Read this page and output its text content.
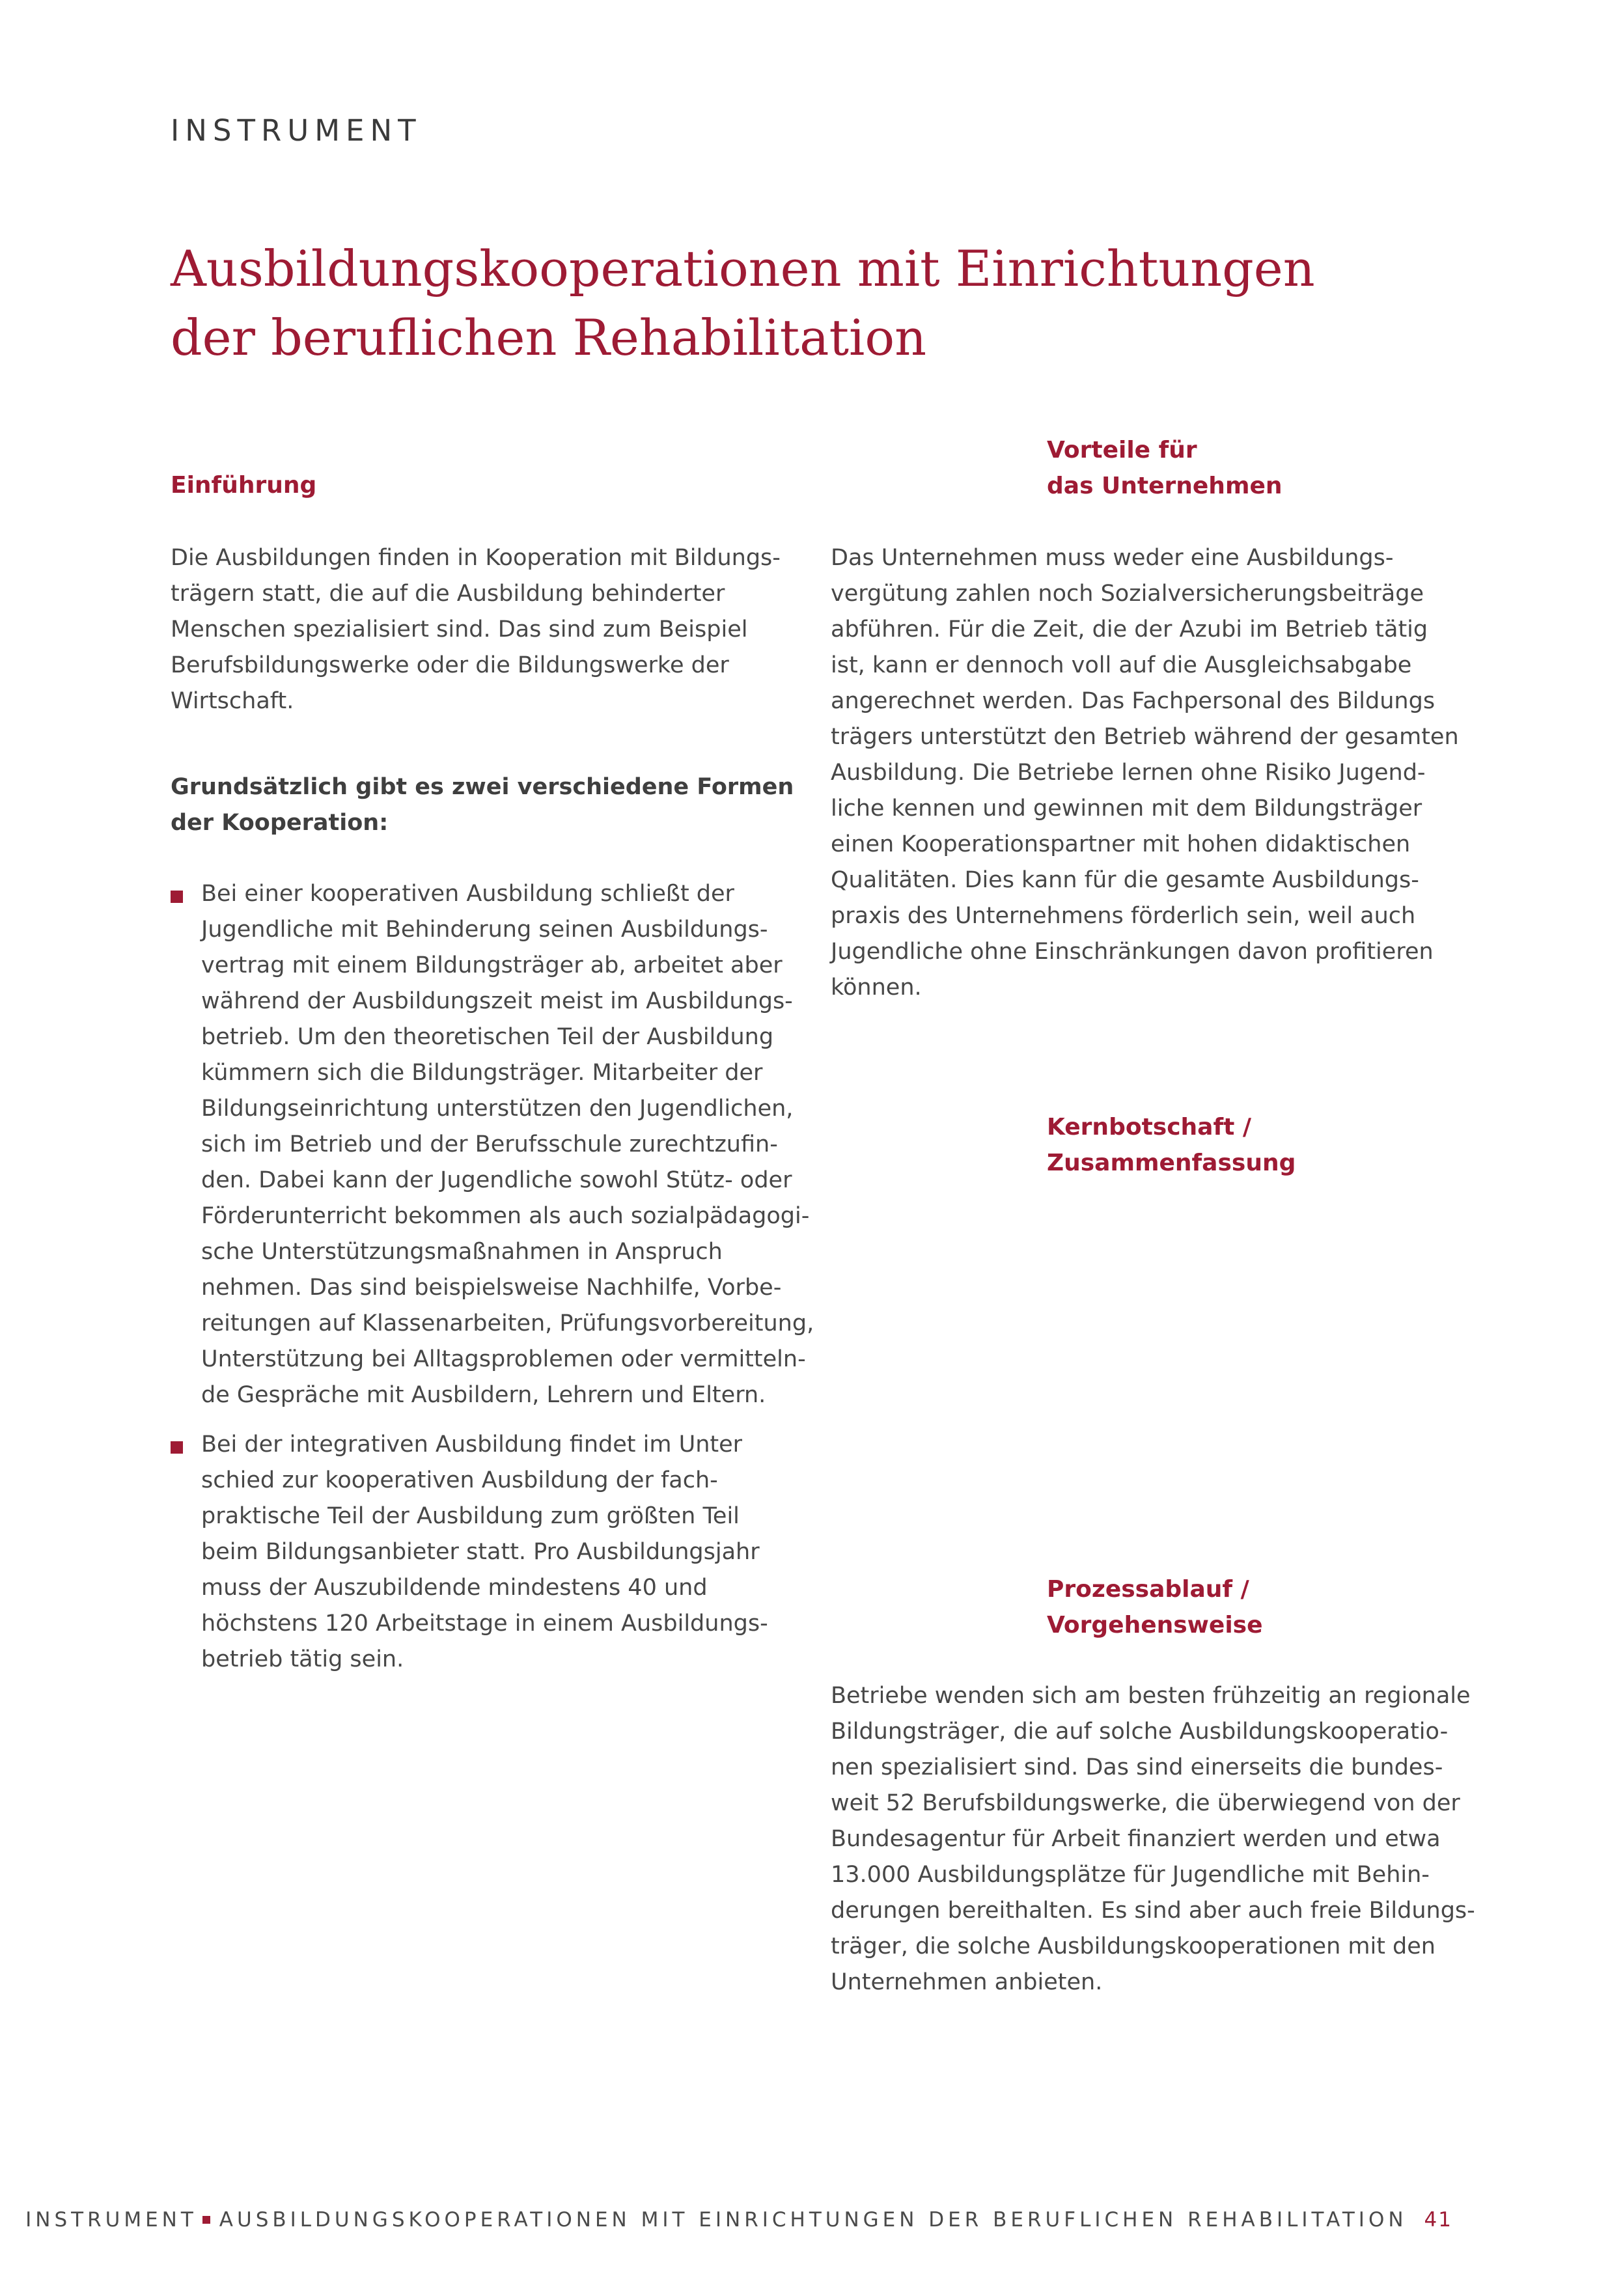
INSTRUMENT
Ausbildungskooperationen mit Einrichtungen
der beruflichen Rehabilitation
Einführung
Die Ausbildungen finden in Kooperation mit Bildungs-
trägern statt, die auf die Ausbildung behinderter
Menschen spezialisiert sind. Das sind zum Beispiel
Berufsbildungswerke oder die Bildungswerke der
Wirtschaft.
Grundsätzlich gibt es zwei verschiedene Formen
der Kooperation:
Bei einer kooperativen Ausbildung schließt der
Jugendliche mit Behinderung seinen Ausbildungs-
vertrag mit einem Bildungsträger ab, arbeitet aber
während der Ausbildungszeit meist im Ausbildungs-
betrieb. Um den theoretischen Teil der Ausbildung
kümmern sich die Bildungsträger. Mitarbeiter der
Bildungseinrichtung unterstützen den Jugendlichen,
sich im Betrieb und der Berufsschule zurechtzufin-
den. Dabei kann der Jugendliche sowohl Stütz- oder
Förderunterricht bekommen als auch sozialpädagogi-
sche Unterstützungsmaßnahmen in Anspruch
nehmen. Das sind beispielsweise Nachhilfe, Vorbe-
reitungen auf Klassenarbeiten, Prüfungsvorbereitung,
Unterstützung bei Alltagsproblemen oder vermitteln-
de Gespräche mit Ausbildern, Lehrern und Eltern.
Bei der integrativen Ausbildung findet im Unter
schied zur kooperativen Ausbildung der fach-
praktische Teil der Ausbildung zum größten Teil
beim Bildungsanbieter statt. Pro Ausbildungsjahr
muss der Auszubildende mindestens 40 und
höchstens 120 Arbeitstage in einem Ausbildungs-
betrieb tätig sein.
Vorteile für
das Unternehmen
Das Unternehmen muss weder eine Ausbildungs-
vergütung zahlen noch Sozialversicherungsbeiträge
abführen. Für die Zeit, die der Azubi im Betrieb tätig
ist, kann er dennoch voll auf die Ausgleichsabgabe
angerechnet werden. Das Fachpersonal des Bildungs
trägers unterstützt den Betrieb während der gesamten
Ausbildung. Die Betriebe lernen ohne Risiko Jugend-
liche kennen und gewinnen mit dem Bildungsträger
einen Kooperationspartner mit hohen didaktischen
Qualitäten. Dies kann für die gesamte Ausbildungs-
praxis des Unternehmens förderlich sein, weil auch
Jugendliche ohne Einschränkungen davon profitieren
können.
Kernbotschaft /
Zusammenfassung
Prozessablauf /
Vorgehensweise
Betriebe wenden sich am besten frühzeitig an regionale
Bildungsträger, die auf solche Ausbildungskooperatio-
nen spezialisiert sind. Das sind einerseits die bundes-
weit 52 Berufsbildungswerke, die überwiegend von der
Bundesagentur für Arbeit finanziert werden und etwa
13.000 Ausbildungsplätze für Jugendliche mit Behin-
derungen bereithalten. Es sind aber auch freie Bildungs-
träger, die solche Ausbildungskooperationen mit den
Unternehmen anbieten.
INSTRUMENT AUSBILDUNGSKOOPERATIONEN MIT EINRICHTUNGEN DER BERUFLICHEN REHABILITATION 41
